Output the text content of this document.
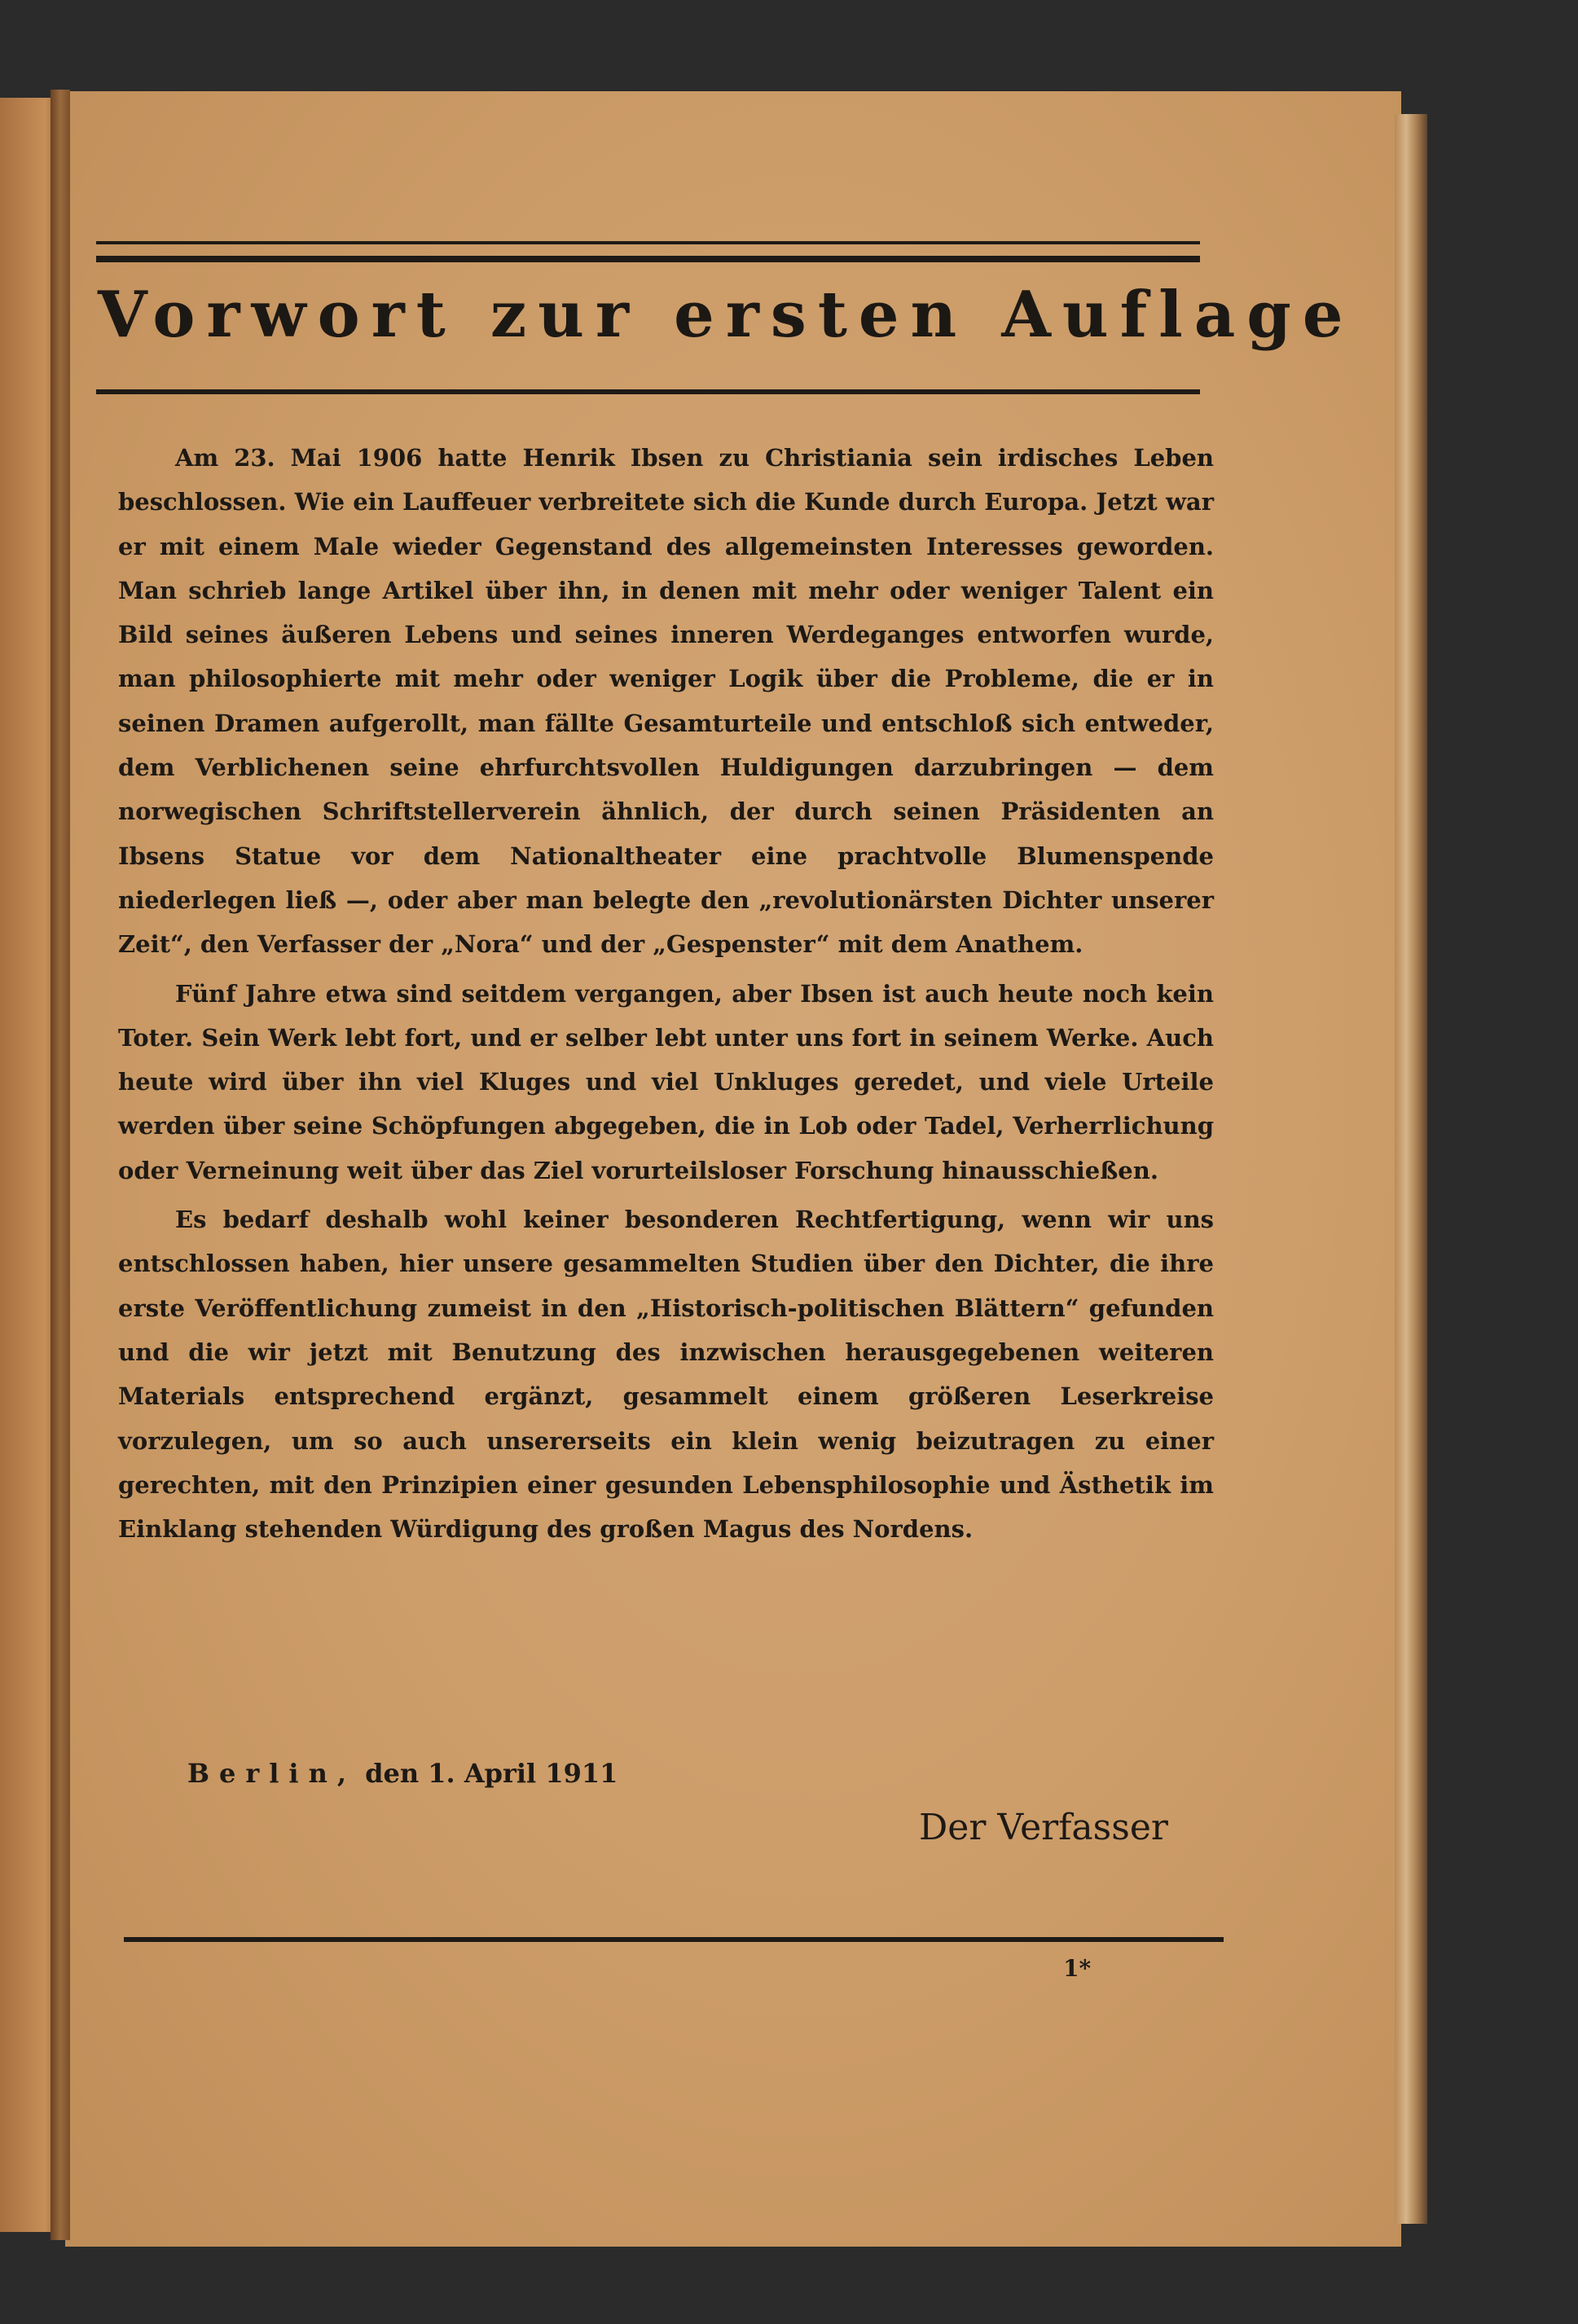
Vorwort zur ersten Auflage

Am 23. Mai 1906 hatte Henrik Ibsen zu Christiania sein irdisches Leben beschlossen. Wie ein Lauffeuer verbreitete sich die Kunde durch Europa. Jetzt war er mit einem Male wieder Gegenstand des allgemeinsten Interesses geworden. Man schrieb lange Artikel über ihn, in denen mit mehr oder weniger Talent ein Bild seines äußeren Lebens und seines inneren Werdeganges entworfen wurde, man philosophierte mit mehr oder weniger Logik über die Probleme, die er in seinen Dramen aufgerollt, man fällte Gesamturteile und entschloß sich entweder, dem Verblichenen seine ehrfurchtsvollen Huldigungen darzubringen — dem norwegischen Schriftstellerverein ähnlich, der durch seinen Präsidenten an Ibsens Statue vor dem Nationaltheater eine prachtvolle Blumenspende niederlegen ließ —, oder aber man belegte den „revolutionärsten Dichter unserer Zeit“, den Verfasser der „Nora“ und der „Gespenster“ mit dem Anathem.

Fünf Jahre etwa sind seitdem vergangen, aber Ibsen ist auch heute noch kein Toter. Sein Werk lebt fort, und er selber lebt unter uns fort in seinem Werke. Auch heute wird über ihn viel Kluges und viel Unkluges geredet, und viele Urteile werden über seine Schöpfungen abgegeben, die in Lob oder Tadel, Verherrlichung oder Verneinung weit über das Ziel vorurteilsloser Forschung hinausschießen.

Es bedarf deshalb wohl keiner besonderen Rechtfertigung, wenn wir uns entschlossen haben, hier unsere gesammelten Studien über den Dichter, die ihre erste Veröffentlichung zumeist in den „Historisch-politischen Blättern“ gefunden und die wir jetzt mit Benutzung des inzwischen herausgegebenen weiteren Materials entsprechend ergänzt, gesammelt einem größeren Leserkreise vorzulegen, um so auch unsererseits ein klein wenig beizutragen zu einer gerechten, mit den Prinzipien einer gesunden Lebensphilosophie und Ästhetik im Einklang stehenden Würdigung des großen Magus des Nordens.

Berlin, den 1. April 1911
Der Verfasser
1*
